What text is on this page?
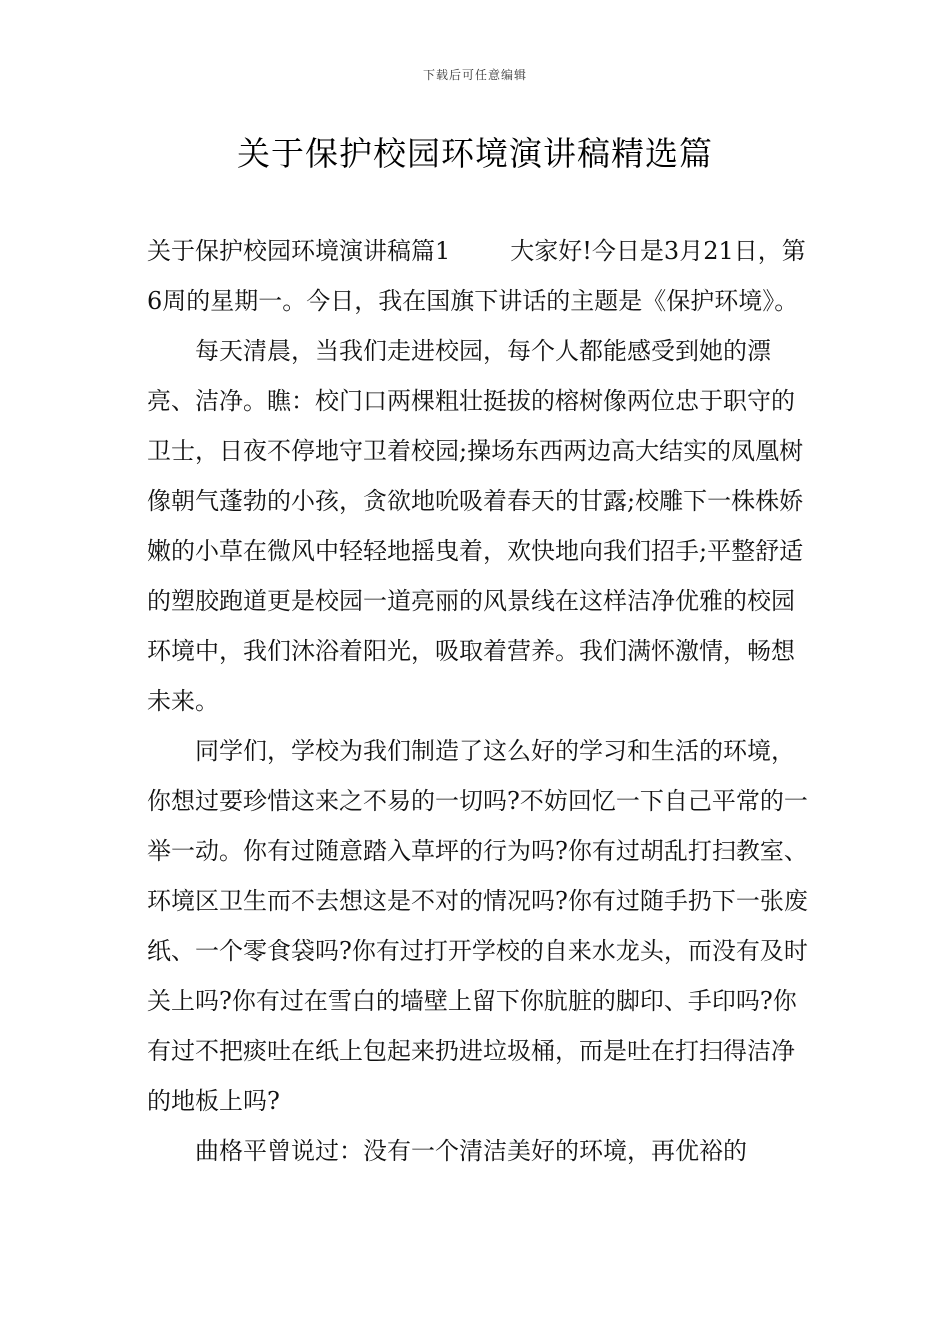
下载后可任意编辑
关于保护校园环境演讲稿精选篇

关于保护校园环境演讲稿篇1	大家好!今日是3月21日，第6周的星期一。今日，我在国旗下讲话的主题是《保护环境》。

每天清晨，当我们走进校园，每个人都能感受到她的漂亮、洁净。瞧：校门口两棵粗壮挺拔的榕树像两位忠于职守的卫士，日夜不停地守卫着校园;操场东西两边高大结实的凤凰树像朝气蓬勃的小孩，贪欲地吮吸着春天的甘露;校雕下一株株娇嫩的小草在微风中轻轻地摇曳着，欢快地向我们招手;平整舒适的塑胶跑道更是校园一道亮丽的风景线在这样洁净优雅的校园环境中，我们沐浴着阳光，吸取着营养。我们满怀激情，畅想未来。

同学们，学校为我们制造了这么好的学习和生活的环境，你想过要珍惜这来之不易的一切吗?不妨回忆一下自己平常的一举一动。你有过随意踏入草坪的行为吗?你有过胡乱打扫教室、环境区卫生而不去想这是不对的情况吗?你有过随手扔下一张废纸、一个零食袋吗?你有过打开学校的自来水龙头，而没有及时关上吗?你有过在雪白的墙壁上留下你肮脏的脚印、手印吗?你有过不把痰吐在纸上包起来扔进垃圾桶，而是吐在打扫得洁净的地板上吗?

曲格平曾说过：没有一个清洁美好的环境，再优裕的
